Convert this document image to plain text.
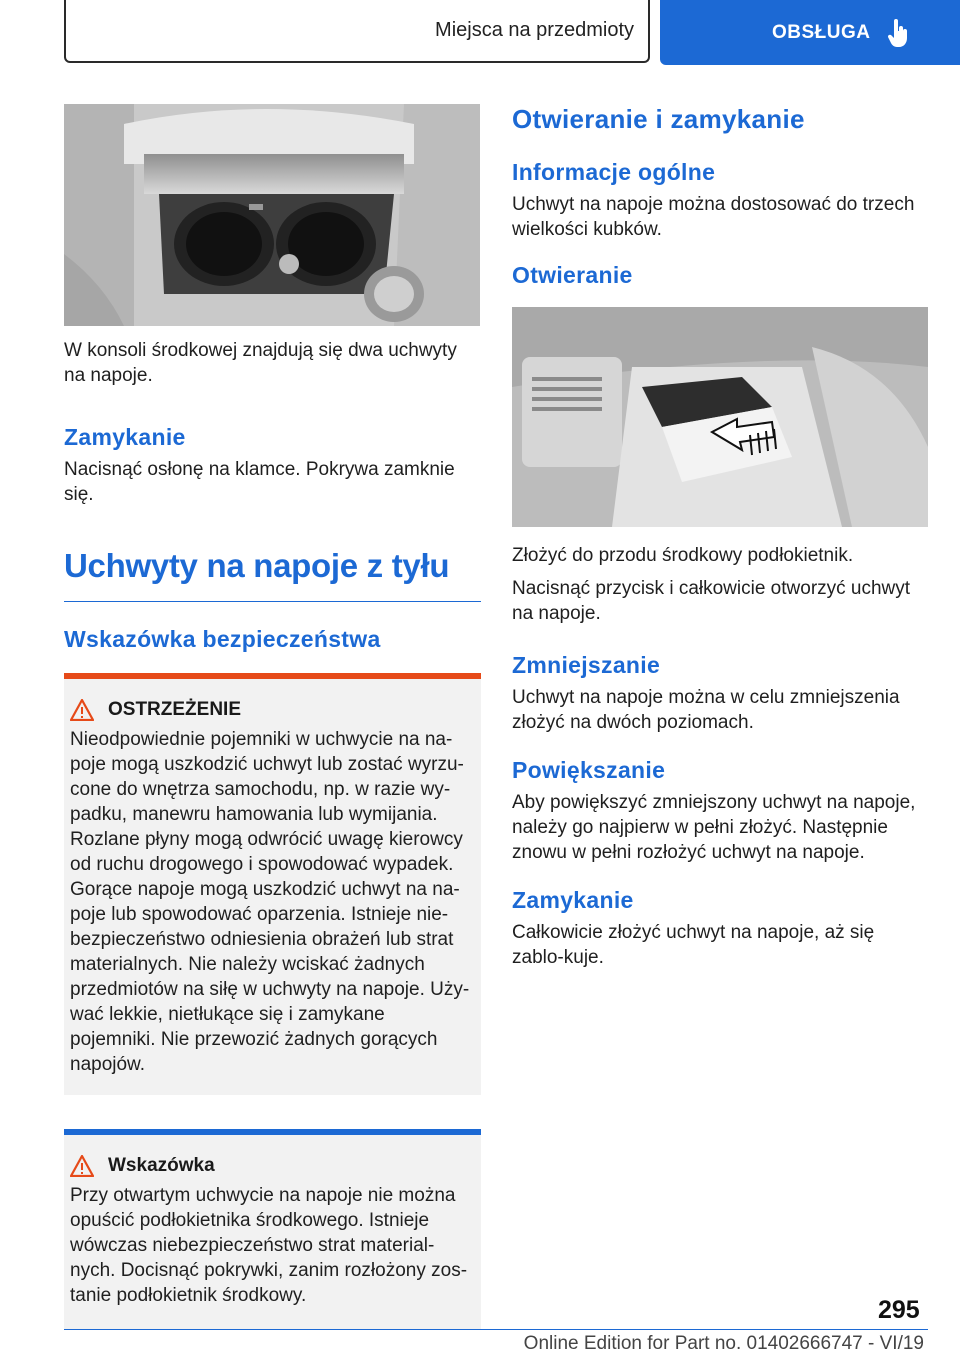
Miejsca na przedmioty	OBSŁUGA

W konsoli środkowej znajdują się dwa uchwyty na napoje.

Zamykanie

Nacisnąć osłonę na klamce. Pokrywa zamknie się.

Uchwyty na napoje z tyłu
Wskazówka bezpieczeństwa
OSTRZEŻENIE

Nieodpowiednie pojemniki w uchwycie na na-poje mogą uszkodzić uchwyt lub zostać wyrzu-cone do wnętrza samochodu, np. w razie wy-padku, manewru hamowania lub wymijania. Rozlane płyny mogą odwrócić uwagę kierowcy od ruchu drogowego i spowodować wypadek. Gorące napoje mogą uszkodzić uchwyt na na-poje lub spowodować oparzenia. Istnieje nie-bezpieczeństwo odniesienia obrażeń lub strat materialnych. Nie należy wciskać żadnych przedmiotów na siłę w uchwyty na napoje. Uży-wać lekkie, nietłukące się i zamykane pojemniki. Nie przewozić żadnych gorących napojów.

Wskazówka

Przy otwartym uchwycie na napoje nie można opuścić podłokietnika środkowego. Istnieje wówczas niebezpieczeństwo strat material-nych. Docisnąć pokrywki, zanim rozłożony zos-tanie podłokietnik środkowy.

Otwieranie i zamykanie
Informacje ogólne

Uchwyt na napoje można dostosować do trzech wielkości kubków.

Otwieranie

Złożyć do przodu środkowy podłokietnik.

Nacisnąć przycisk i całkowicie otworzyć uchwyt na napoje.

Zmniejszanie

Uchwyt na napoje można w celu zmniejszenia złożyć na dwóch poziomach.

Powiększanie

Aby powiększyć zmniejszony uchwyt na napoje, należy go najpierw w pełni złożyć. Następnie znowu w pełni rozłożyć uchwyt na napoje.

Zamykanie

Całkowicie złożyć uchwyt na napoje, aż się zablo-kuje.

295
Online Edition for Part no. 01402666747 - VI/19
